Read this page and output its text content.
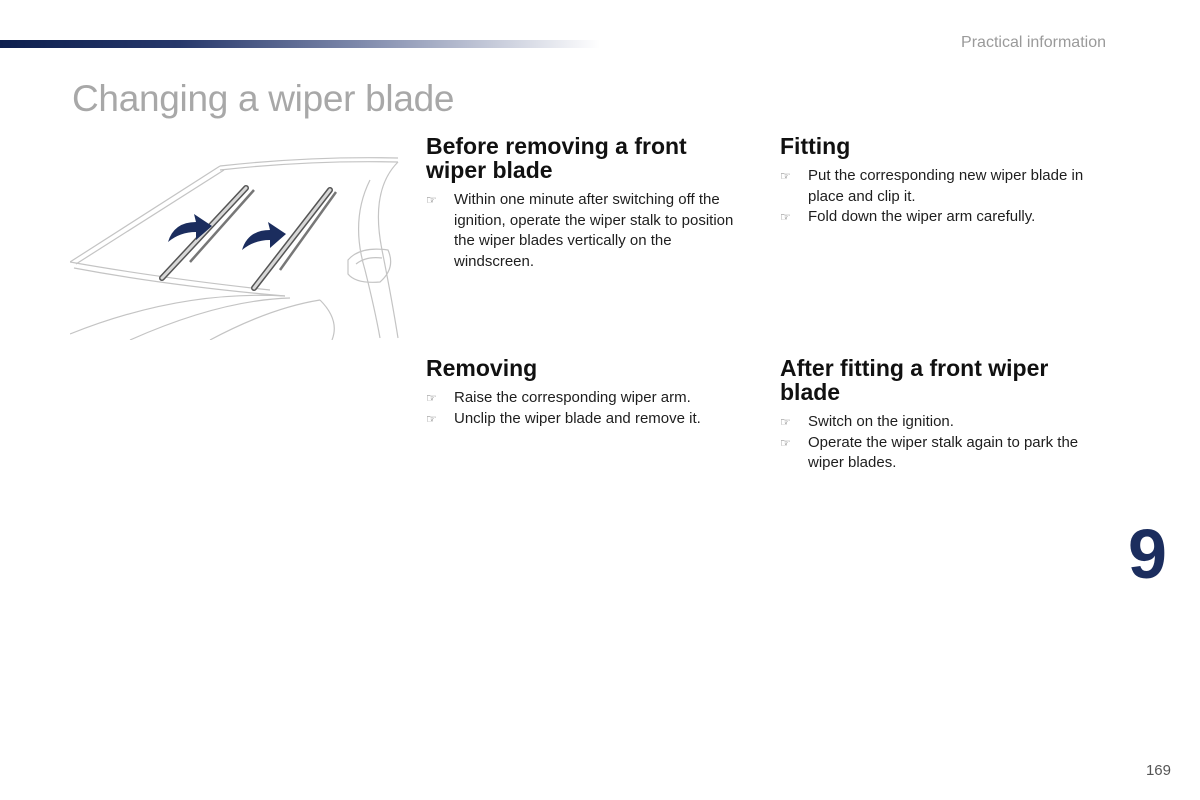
Practical information
Changing a wiper blade
Before removing a front wiper blade
☞ Within one minute after switching off the ignition, operate the wiper stalk to position the wiper blades vertically on the windscreen.
Removing
☞ Raise the corresponding wiper arm.
☞ Unclip the wiper blade and remove it.
Fitting
☞ Put the corresponding new wiper blade in place and clip it.
☞ Fold down the wiper arm carefully.
After fitting a front wiper blade
☞ Switch on the ignition.
☞ Operate the wiper stalk again to park the wiper blades.
9
169
